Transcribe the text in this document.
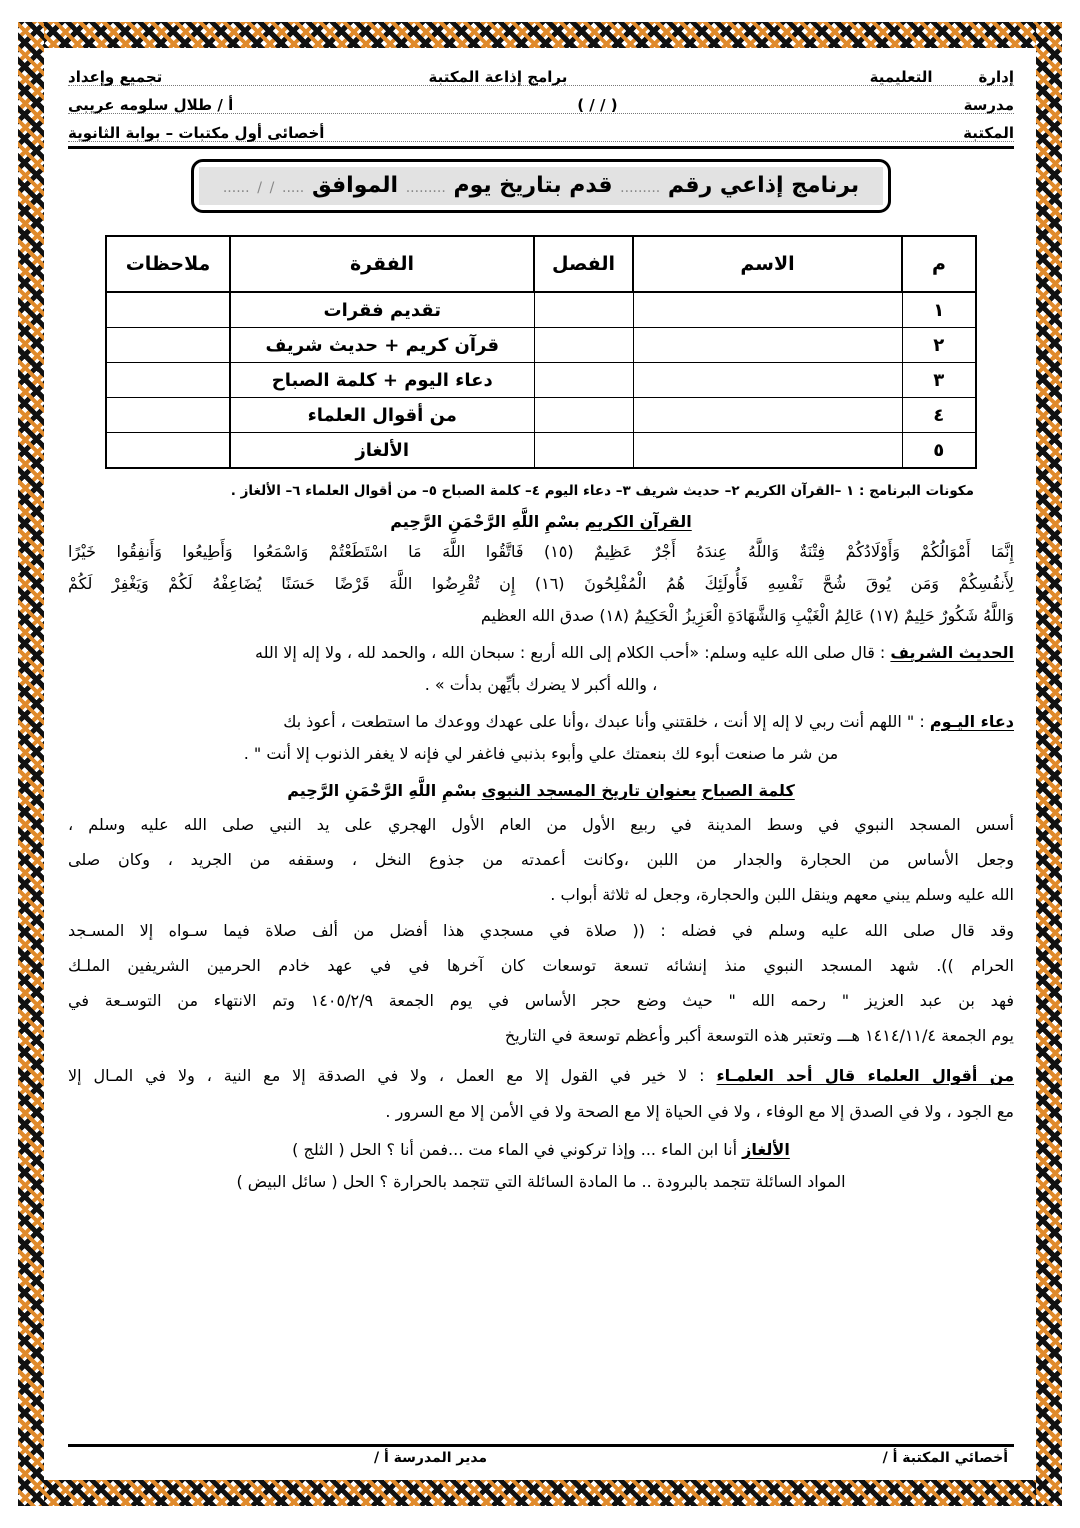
إدارة
التعليمية
برامج إذاعة المكتبة
تجميع وإعداد
مدرسة
( / / )
أ / طلال سلومه عريبى
المكتبة
أخصائى أول مكتبات – بوابة الثانوية
برنامج إذاعي رقم ......... قدم بتاريخ يوم ......... الموافق ..... / / ......
م	الاسم	الفصل	الفقرة	ملاحظات
١			تقديم فقرات	
٢			قرآن كريم + حديث شريف	
٣			دعاء اليوم + كلمة الصباح	
٤			من أقوال العلماء	
٥			الألغاز	
مكونات البرنامج : ١ –القرآن الكريم ٢– حديث شريف ٣– دعاء اليوم ٤– كلمة الصباح ٥– من أقوال العلماء ٦– الألغاز .

القرآن الكريم بسْمِ اللَّهِ الرَّحْمَنِ الرَّحِيم

إِنَّمَا أَمْوَالُكُمْ وَأَوْلَادُكُمْ فِتْنَةٌ وَاللَّهُ عِندَهُ أَجْرٌ عَظِيمٌ (١٥) فَاتَّقُوا اللَّهَ مَا اسْتَطَعْتُمْ وَاسْمَعُوا وَأَطِيعُوا وَأَنفِقُوا خَيْرًا

لِأَنفُسِكُمْ وَمَن يُوقَ شُحَّ نَفْسِهِ فَأُولَئِكَ هُمُ الْمُفْلِحُونَ (١٦) إِن تُقْرِضُوا اللَّهَ قَرْضًا حَسَنًا يُضَاعِفْهُ لَكُمْ وَيَغْفِرْ لَكُمْ

وَاللَّهُ شَكُورٌ حَلِيمٌ (١٧) عَالِمُ الْغَيْبِ وَالشَّهَادَةِ الْعَزِيزُ الْحَكِيمُ (١٨) صدق الله العظيم

الحديث الشريف : قال صلى الله عليه وسلم: «أحب الكلام إلى الله أربع : سبحان الله ، والحمد لله ، ولا إله إلا الله

، والله أكبر لا يضرك بأيِّهن بدأت » .

دعاء اليـوم : " اللهم أنت ربي لا إله إلا أنت ، خلقتني وأنا عبدك ،وأنا على عهدك ووعدك ما استطعت ، أعوذ بك

من شر ما صنعت أبوء لك بنعمتك علي وأبوء بذنبي فاغفر لي فإنه لا يغفر الذنوب إلا أنت " .

كلمة الصباح بعنوان تاريخ المسجد النبوى بسْمِ اللَّهِ الرَّحْمَنِ الرَّحِيم

أسس المسجد النبوي في وسط المدينة في ربيع الأول من العام الأول الهجري على يد النبي صلى الله عليه وسلم ،

وجعل الأساس من الحجارة والجدار من اللبن ،وكانت أعمدته من جذوع النخل ، وسقفه من الجريد ، وكان صلى

الله عليه وسلم يبني معهم وينقل اللبن والحجارة، وجعل له ثلاثة أبواب .

وقد قال صلى الله عليه وسلم في فضله : (( صلاة في مسجدي هذا أفضل من ألف صلاة فيما سـواه إلا المسـجد

الحرام )). شهد المسجد النبوي منذ إنشائه تسعة توسعات كان آخرها في في عهد خادم الحرمين الشريفين الملـك

فهد بن عبد العزيز " رحمه الله " حيث وضع حجر الأساس في يوم الجمعة ١٤٠٥/٢/٩ وتم الانتهاء من التوسـعة في

يوم الجمعة ١٤١٤/١١/٤ هـــ وتعتبر هذه التوسعة أكبر وأعظم توسعة في التاريخ

من أقوال العلماء قال أحد العلمـاء : لا خير في القول إلا مع العمل ، ولا في الصدقة إلا مع النية ، ولا في المـال إلا

مع الجود ، ولا في الصدق إلا مع الوفاء ، ولا في الحياة إلا مع الصحة ولا في الأمن إلا مع السرور .

الألغاز أنا ابن الماء ... وإذا تركوني في الماء مت ...فمن أنا ؟ الحل ( الثلج )

المواد السائلة تتجمد بالبرودة .. ما المادة السائلة التي تتجمد بالحرارة ؟ الحل ( سائل البيض )

أخصائي المكتبة أ /
مدير المدرسة أ /
